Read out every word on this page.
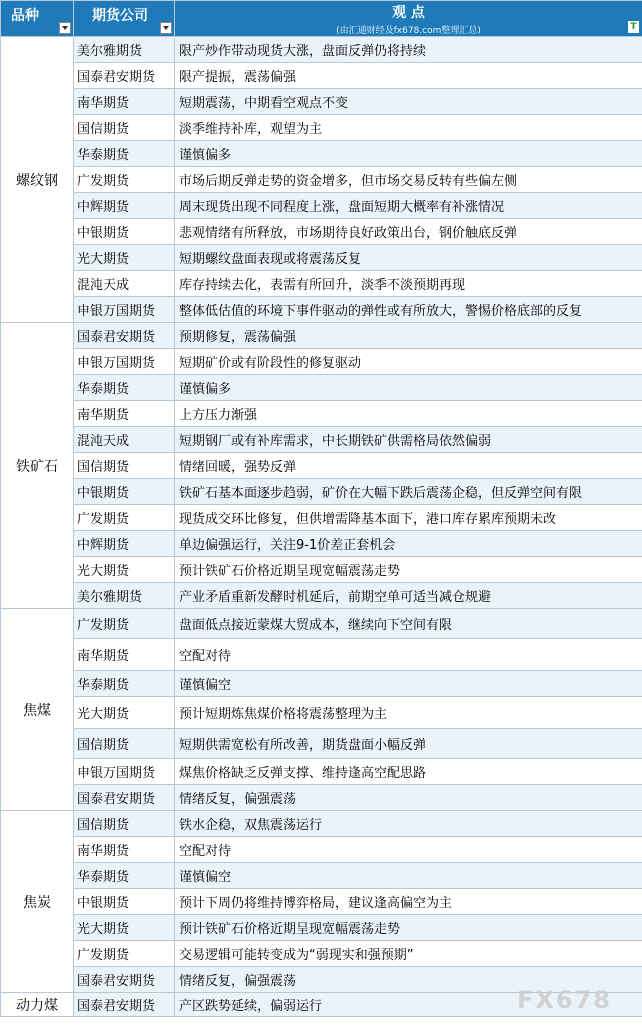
品种	期货公司	观 点
(由汇通财经及fx678.com整理汇总) T

螺纹钢	美尔雅期货	限产炒作带动现货大涨，盘面反弹仍将持续
	国泰君安期货	限产提振，震荡偏强
	南华期货	短期震荡，中期看空观点不变
	国信期货	淡季维持补库，观望为主
	华泰期货	谨慎偏多
	广发期货	市场后期反弹走势的资金增多，但市场交易反转有些偏左侧
	中辉期货	周末现货出现不同程度上涨，盘面短期大概率有补涨情况
	中银期货	悲观情绪有所释放，市场期待良好政策出台，钢价触底反弹
	光大期货	短期螺纹盘面表现或将震荡反复
	混沌天成	库存持续去化，表需有所回升，淡季不淡预期再现
	申银万国期货	整体低估值的环境下事件驱动的弹性或有所放大，警惕价格底部的反复
铁矿石	国泰君安期货	预期修复，震荡偏强
	申银万国期货	短期矿价或有阶段性的修复驱动
	华泰期货	谨慎偏多
	南华期货	上方压力渐强
	混沌天成	短期钢厂或有补库需求，中长期铁矿供需格局依然偏弱
	国信期货	情绪回暖，强势反弹
	中银期货	铁矿石基本面逐步趋弱，矿价在大幅下跌后震荡企稳，但反弹空间有限
	广发期货	现货成交环比修复，但供增需降基本面下，港口库存累库预期未改
	中辉期货	单边偏强运行，关注9-1价差正套机会
	光大期货	预计铁矿石价格近期呈现宽幅震荡走势
	美尔雅期货	产业矛盾重新发酵时机延后，前期空单可适当减仓规避
焦煤	广发期货	盘面低点接近蒙煤大贸成本，继续向下空间有限
	南华期货	空配对待
	华泰期货	谨慎偏空
	光大期货	预计短期炼焦煤价格将震荡整理为主
	国信期货	短期供需宽松有所改善，期货盘面小幅反弹
	申银万国期货	煤焦价格缺乏反弹支撑、维持逢高空配思路
	国泰君安期货	情绪反复，偏强震荡
焦炭	国信期货	铁水企稳，双焦震荡运行
	南华期货	空配对待
	华泰期货	谨慎偏空
	中银期货	预计下周仍将维持博弈格局，建议逢高偏空为主
	光大期货	预计铁矿石价格近期呈现宽幅震荡走势
	广发期货	交易逻辑可能转变成为“弱现实和强预期”
	国泰君安期货	情绪反复，偏强震荡
动力煤	国泰君安期货	产区跌势延续，偏弱运行	FX678
